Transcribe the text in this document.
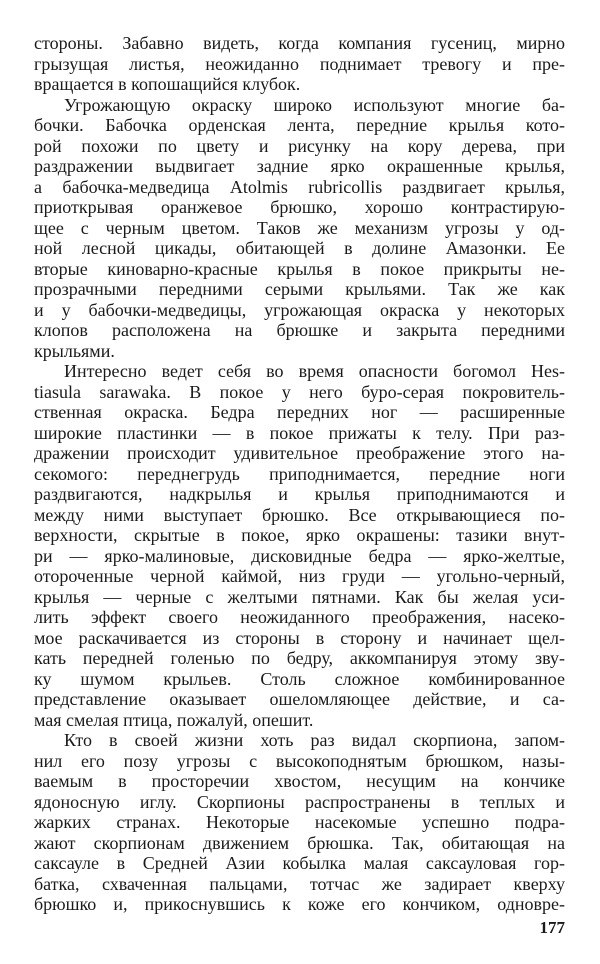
стороны. Забавно видеть, когда компания гусениц, мирно
грызущая листья, неожиданно поднимает тревогу и пре-
вращается в копошащийся клубок.
Угрожающую окраску широко используют многие ба-
бочки. Бабочка орденская лента, передние крылья кото-
рой похожи по цвету и рисунку на кору дерева, при
раздражении выдвигает задние ярко окрашенные крылья,
а бабочка-медведица Atolmis rubricollis раздвигает крылья,
приоткрывая оранжевое брюшко, хорошо контрастирую-
щее с черным цветом. Таков же механизм угрозы у од-
ной лесной цикады, обитающей в долине Амазонки. Ее
вторые киноварно-красные крылья в покое прикрыты не-
прозрачными передними серыми крыльями. Так же как
и у бабочки-медведицы, угрожающая окраска у некоторых
клопов расположена на брюшке и закрыта передними
крыльями.
Интересно ведет себя во время опасности богомол Hes-
tiasula sarawaka. В покое у него буро-серая покровитель-
ственная окраска. Бедра передних ног — расширенные
широкие пластинки — в покое прижаты к телу. При раз-
дражении происходит удивительное преображение этого на-
секомого: переднегрудь приподнимается, передние ноги
раздвигаются, надкрылья и крылья приподнимаются и
между ними выступает брюшко. Все открывающиеся по-
верхности, скрытые в покое, ярко окрашены: тазики внут-
ри — ярко-малиновые, дисковидные бедра — ярко-желтые,
отороченные черной каймой, низ груди — угольно-черный,
крылья — черные с желтыми пятнами. Как бы желая уси-
лить эффект своего неожиданного преображения, насеко-
мое раскачивается из стороны в сторону и начинает щел-
кать передней голенью по бедру, аккомпанируя этому зву-
ку шумом крыльев. Столь сложное комбинированное
представление оказывает ошеломляющее действие, и са-
мая смелая птица, пожалуй, опешит.
Кто в своей жизни хоть раз видал скорпиона, запом-
нил его позу угрозы с высокоподнятым брюшком, назы-
ваемым в просторечии хвостом, несущим на кончике
ядоносную иглу. Скорпионы распространены в теплых и
жарких странах. Некоторые насекомые успешно подра-
жают скорпионам движением брюшка. Так, обитающая на
саксауле в Средней Азии кобылка малая саксауловая гор-
батка, схваченная пальцами, тотчас же задирает кверху
брюшко и, прикоснувшись к коже его кончиком, одновре-
177
